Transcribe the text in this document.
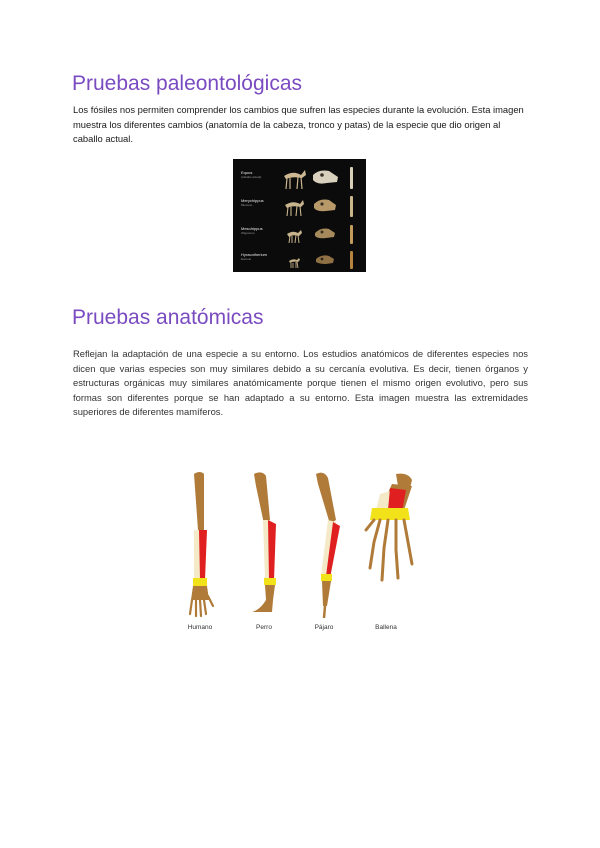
Pruebas paleontológicas

Los fósiles nos permiten comprender los cambios que sufren las especies durante la evolución. Esta imagen muestra los diferentes cambios (anatomía de la cabeza, tronco y patas) de la especie que dio origen al caballo actual.

Equus
(caballo actual)
Merychippus
Mioceno
Mesohippus
Oligoceno
Hyracotherium
Eoceno
Pruebas anatómicas

Reflejan la adaptación de una especie a su entorno. Los estudios anatómicos de diferentes especies nos dicen que varias especies son muy similares debido a su cercanía evolutiva. Es decir, tienen órganos y estructuras orgánicas muy similares anatómicamente porque tienen el mismo origen evolutivo, pero sus formas son diferentes porque se han adaptado a su entorno. Esta imagen muestra las extremidades superiores de diferentes mamíferos.

Humano	Perro	Pájaro	Ballena
